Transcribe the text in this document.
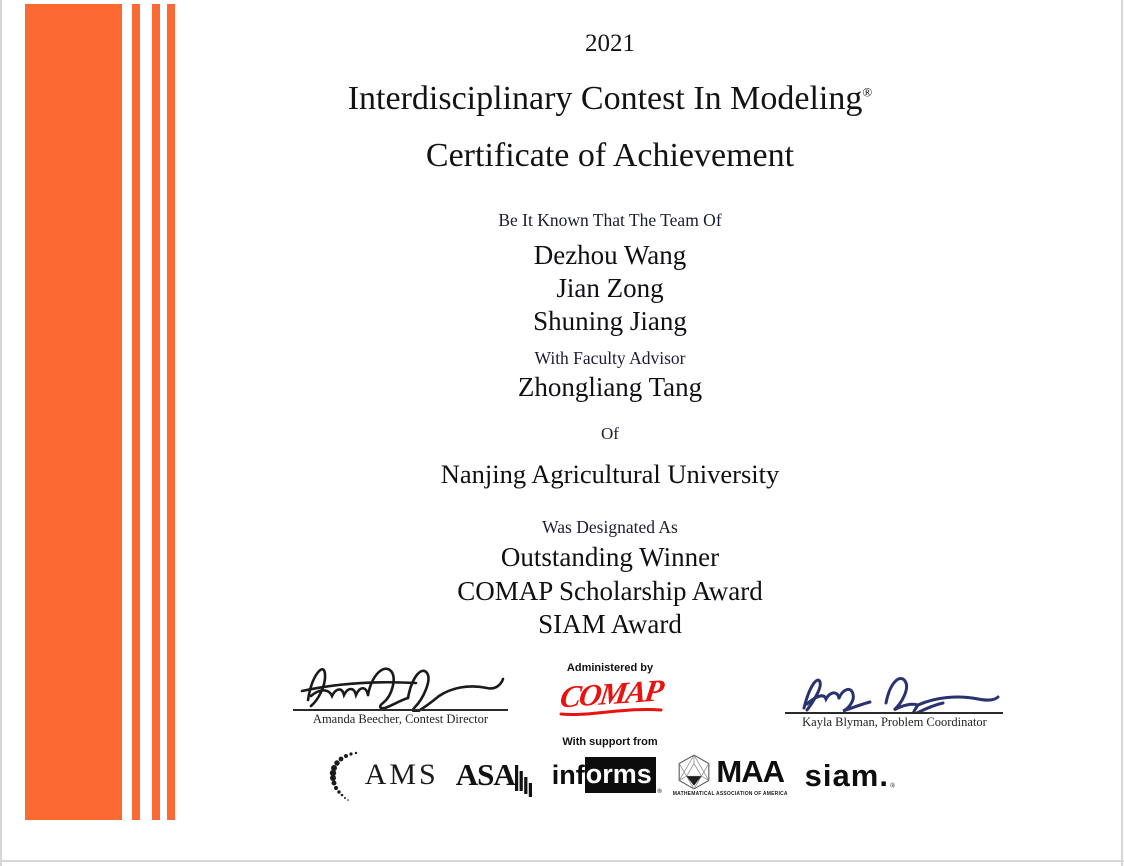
2021
Interdisciplinary Contest In Modeling®
Certificate of Achievement
Be It Known That The Team Of
Dezhou Wang
Jian Zong
Shuning Jiang
With Faculty Advisor
Zhongliang Tang
Of
Nanjing Agricultural University
Was Designated As
Outstanding Winner
COMAP Scholarship Award
SIAM Award
Amanda Beecher, Contest Director
Administered by
COMAP
With support from
Kayla Blyman, Problem Coordinator
AMS ASA inf orms
®
MAA
MATHEMATICAL ASSOCIATION OF AMERICA
siam. ®
